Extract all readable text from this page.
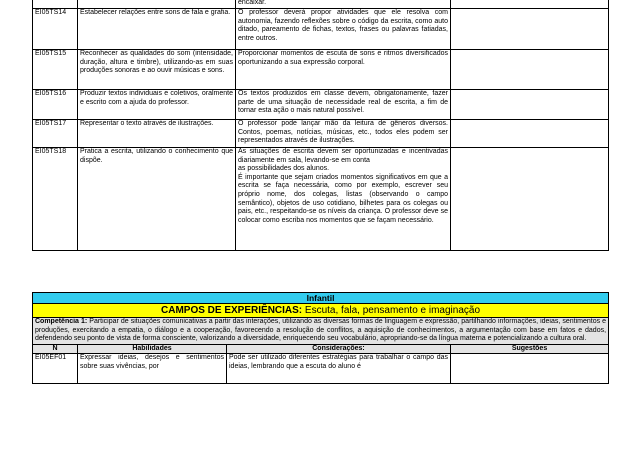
		encaixar.	
EI05TS14	Estabelecer relações entre sons de fala e grafia.	O professor deverá propor atividades que ele resolva com autonomia, fazendo reflexões sobre o código da escrita, como auto ditado, pareamento de fichas, textos, frases ou palavras fatiadas, entre outros.	
EI05TS15	Reconhecer as qualidades do som (intensidade, duração, altura e timbre), utilizando-as em suas produções sonoras e ao ouvir músicas e sons.	Proporcionar momentos de escuta de sons e ritmos diversificados oportunizando a sua expressão corporal.	
EI05TS16	Produzir textos individuais e coletivos, oralmente e escrito com a ajuda do professor.	Os textos produzidos em classe devem, obrigatoriamente, fazer parte de uma situação de necessidade real de escrita, a fim de tornar esta ação o mais natural possível.	
EI05TS17	Representar o texto através de ilustrações.	O professor pode lançar mão da leitura de gêneros diversos. Contos, poemas, notícias, músicas, etc., todos eles podem ser representados através de ilustrações.	
EI05TS18	Pratica a escrita, utilizando o conhecimento que dispõe.	As situações de escrita devem ser oportunizadas e incentivadas diariamente em sala, levando-se em conta
as possibilidades dos alunos.
É importante que sejam criados momentos significativos em que a escrita se faça necessária, como por exemplo, escrever seu próprio nome, dos colegas, listas (observando o campo semântico), objetos de uso cotidiano, bilhetes para os colegas ou pais, etc., respeitando-se os níveis da criança. O professor deve se colocar como escriba nos momentos que se façam necessário.	

Infantil			
CAMPOS DE EXPERIÊNCIAS: Escuta, fala, pensamento e imaginação			
Competência 1: Participar de situações comunicativas a partir das interações, utilizando as diversas formas de linguagem e expressão, partilhando informações, ideias, sentimentos e produções, exercitando a empatia, o diálogo e a cooperação, favorecendo a resolução de conflitos, a aquisição de conhecimentos, a argumentação com base em fatos e dados, defendendo seu ponto de vista de forma consciente, valorizando a diversidade, enriquecendo seu vocabulário, apropriando-se da língua materna e potencializando a cultura oral.			
N	Habilidades	Considerações:	Sugestões
EI05EF01	Expressar ideias, desejos e sentimentos sobre suas vivências, por	Pode ser utilizado diferentes estratégias para trabalhar o campo das ideias, lembrando que a escuta do aluno é	
